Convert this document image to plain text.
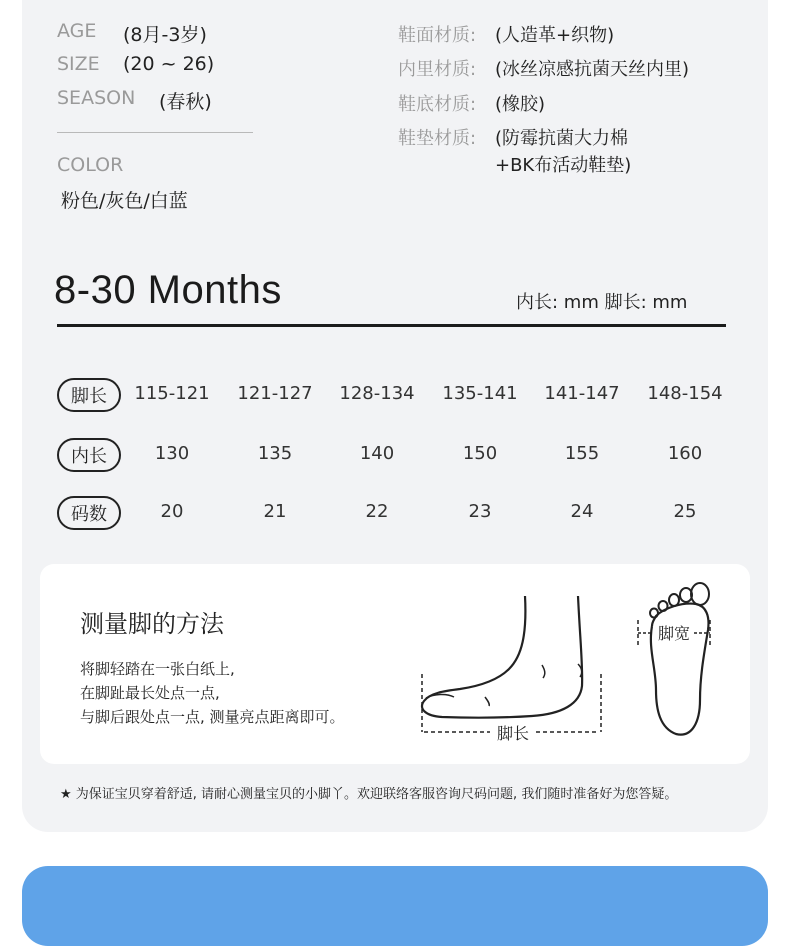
AGE (8月-3岁)
SIZE (20 ~ 26)
SEASON (春秋)
COLOR
粉色/灰色/白蓝
鞋面材质: (人造革+织物)
内里材质: (冰丝凉感抗菌天丝内里)
鞋底材质: (橡胶)
鞋垫材质: (防霉抗菌大力棉
+BK布活动鞋垫)
8-30 Months	内长: mm 脚长: mm
脚长	115-121	121-127	128-134	135-141	141-147	148-154
内长	130	135	140	150	155	160
码数	20	21	22	23	24	25
测量脚的方法
将脚轻踏在一张白纸上,
在脚趾最长处点一点,
与脚后跟处点一点, 测量亮点距离即可。
脚长
脚宽
★ 为保证宝贝穿着舒适, 请耐心测量宝贝的小脚丫。欢迎联络客服咨询尺码问题, 我们随时准备好为您答疑。
